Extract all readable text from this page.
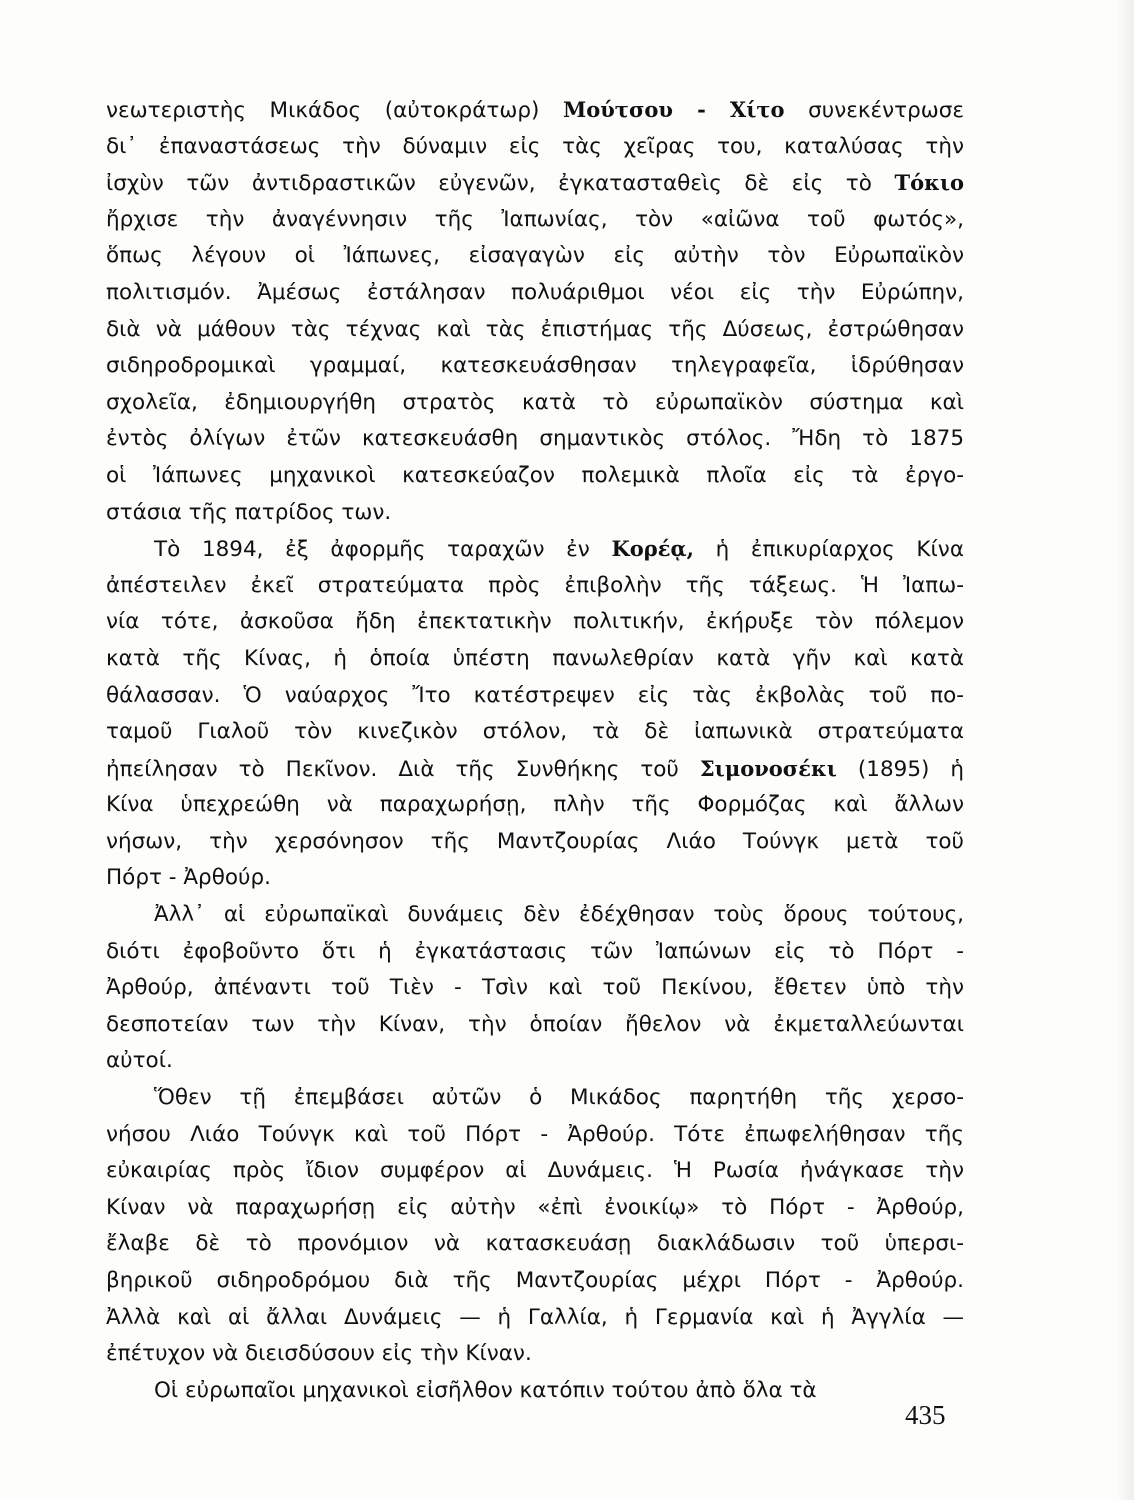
νεωτεριστὴς Μικάδος (αὐτοκράτωρ) Μούτσου - Χίτο συνεκέντρωσε
δι᾿ ἐπαναστάσεως τὴν δύναμιν εἰς τὰς χεῖρας του, καταλύσας τὴν
ἰσχὺν τῶν ἀντιδραστικῶν εὐγενῶν, ἐγκατασταθεὶς δὲ εἰς τὸ Τόκιο
ἤρχισε τὴν ἀναγέννησιν τῆς Ἰαπωνίας, τὸν «αἰῶνα τοῦ φωτός»,
ὅπως λέγουν οἱ Ἰάπωνες, εἰσαγαγὼν εἰς αὐτὴν τὸν Εὐρωπαϊκὸν
πολιτισμόν. Ἀμέσως ἐστάλησαν πολυάριθμοι νέοι εἰς τὴν Εὐρώπην,
διὰ νὰ μάθουν τὰς τέχνας καὶ τὰς ἐπιστήμας τῆς Δύσεως, ἐστρώθησαν
σιδηροδρομικαὶ γραμμαί, κατεσκευάσθησαν τηλεγραφεῖα, ἱδρύθησαν
σχολεῖα, ἐδημιουργήθη στρατὸς κατὰ τὸ εὐρωπαϊκὸν σύστημα καὶ
ἐντὸς ὀλίγων ἐτῶν κατεσκευάσθη σημαντικὸς στόλος. Ἤδη τὸ 1875
οἱ Ἰάπωνες μηχανικοὶ κατεσκεύαζον πολεμικὰ πλοῖα εἰς τὰ ἐργο-
στάσια τῆς πατρίδος των.
Τὸ 1894, ἐξ ἀφορμῆς ταραχῶν ἐν Κορέᾳ, ἡ ἐπικυρίαρχος Κίνα
ἀπέστειλεν ἐκεῖ στρατεύματα πρὸς ἐπιβολὴν τῆς τάξεως. Ἡ Ἰαπω-
νία τότε, ἀσκοῦσα ἤδη ἐπεκτατικὴν πολιτικήν, ἐκήρυξε τὸν πόλεμον
κατὰ τῆς Κίνας, ἡ ὁποία ὑπέστη πανωλεθρίαν κατὰ γῆν καὶ κατὰ
θάλασσαν. Ὁ ναύαρχος Ἴτο κατέστρεψεν εἰς τὰς ἐκβολὰς τοῦ πο-
ταμοῦ Γιαλοῦ τὸν κινεζικὸν στόλον, τὰ δὲ ἰαπωνικὰ στρατεύματα
ἠπείλησαν τὸ Πεκῖνον. Διὰ τῆς Συνθήκης τοῦ Σιμονοσέκι (1895) ἡ
Κίνα ὑπεχρεώθη νὰ παραχωρήσῃ, πλὴν τῆς Φορμόζας καὶ ἄλλων
νήσων, τὴν χερσόνησον τῆς Μαντζουρίας Λιάο Τούνγκ μετὰ τοῦ
Πόρτ - Ἀρθούρ.
Ἀλλ᾿ αἱ εὐρωπαϊκαὶ δυνάμεις δὲν ἐδέχθησαν τοὺς ὅρους τούτους,
διότι ἐφοβοῦντο ὅτι ἡ ἐγκατάστασις τῶν Ἰαπώνων εἰς τὸ Πόρτ -
Ἀρθούρ, ἀπέναντι τοῦ Τιὲν - Τσὶν καὶ τοῦ Πεκίνου, ἔθετεν ὑπὸ τὴν
δεσποτείαν των τὴν Κίναν, τὴν ὁποίαν ἤθελον νὰ ἐκμεταλλεύωνται
αὐτοί.
Ὅθεν τῇ ἐπεμβάσει αὐτῶν ὁ Μικάδος παρητήθη τῆς χερσο-
νήσου Λιάο Τούνγκ καὶ τοῦ Πόρτ - Ἀρθούρ. Τότε ἐπωφελήθησαν τῆς
εὐκαιρίας πρὸς ἴδιον συμφέρον αἱ Δυνάμεις. Ἡ Ρωσία ἠνάγκασε τὴν
Κίναν νὰ παραχωρήσῃ εἰς αὐτὴν «ἐπὶ ἐνοικίῳ» τὸ Πόρτ - Ἀρθούρ,
ἔλαβε δὲ τὸ προνόμιον νὰ κατασκευάσῃ διακλάδωσιν τοῦ ὑπερσι-
βηρικοῦ σιδηροδρόμου διὰ τῆς Μαντζουρίας μέχρι Πόρτ - Ἀρθούρ.
Ἀλλὰ καὶ αἱ ἄλλαι Δυνάμεις — ἡ Γαλλία, ἡ Γερμανία καὶ ἡ Ἀγγλία —
ἐπέτυχον νὰ διεισδύσουν εἰς τὴν Κίναν.
Οἱ εὐρωπαῖοι μηχανικοὶ εἰσῆλθον κατόπιν τούτου ἀπὸ ὅλα τὰ
435
